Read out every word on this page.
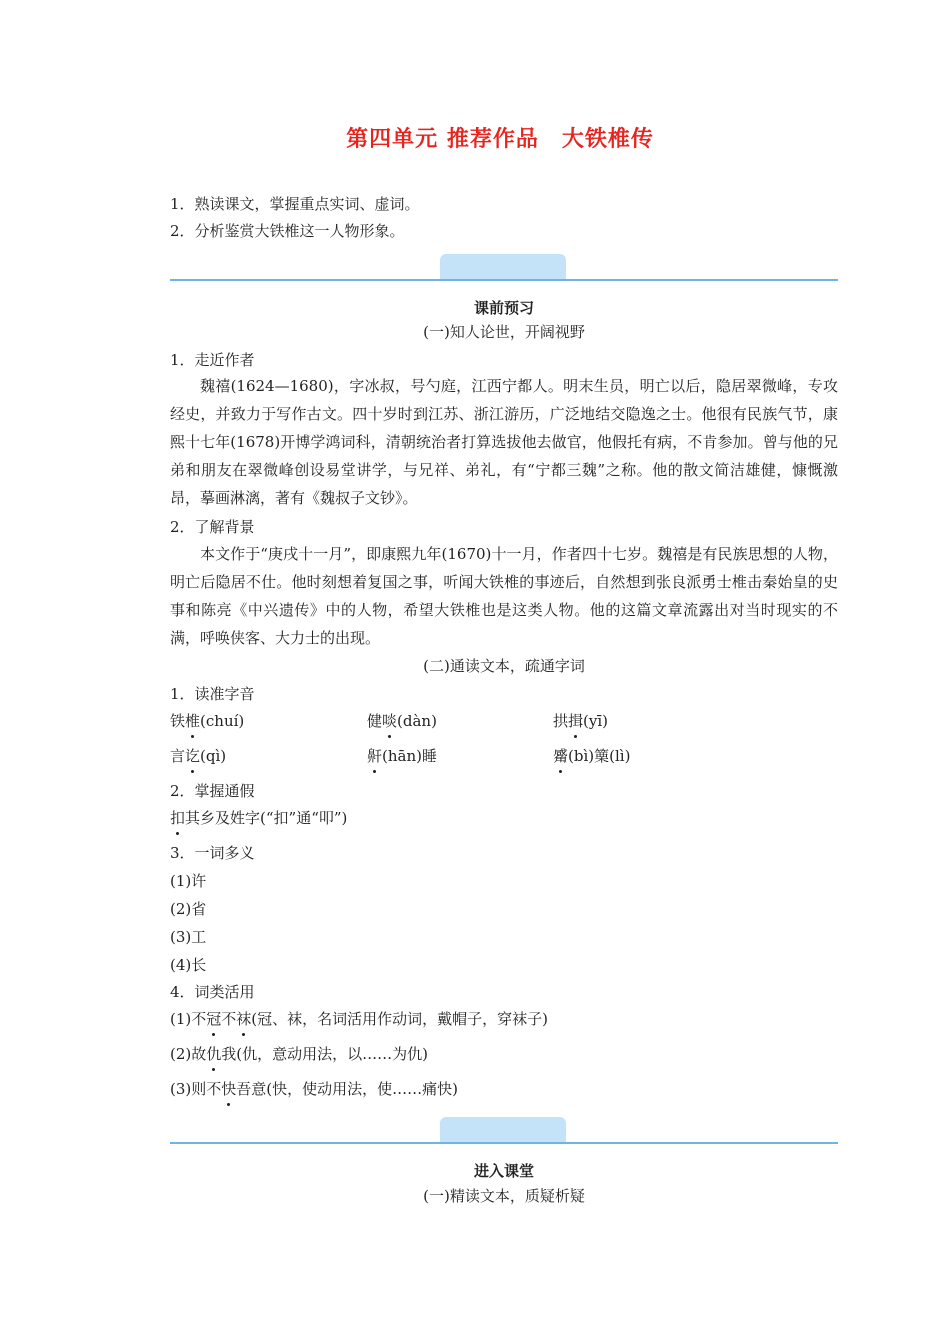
第四单元 推荐作品　大铁椎传
1．熟读课文，掌握重点实词、虚词。
2．分析鉴赏大铁椎这一人物形象。
课前预习
(一)知人论世，开阔视野
1．走近作者
魏禧(1624—1680)，字冰叔，号勺庭，江西宁都人。明末生员，明亡以后，隐居翠微峰，专攻经史，并致力于写作古文。四十岁时到江苏、浙江游历，广泛地结交隐逸之士。他很有民族气节，康熙十七年(1678)开博学鸿词科，清朝统治者打算选拔他去做官，他假托有病，不肯参加。曾与他的兄弟和朋友在翠微峰创设易堂讲学，与兄祥、弟礼，有“宁都三魏”之称。他的散文简洁雄健，慷慨激昂，摹画淋漓，著有《魏叔子文钞》。
2．了解背景
本文作于“庚戌十一月”，即康熙九年(1670)十一月，作者四十七岁。魏禧是有民族思想的人物，明亡后隐居不仕。他时刻想着复国之事，听闻大铁椎的事迹后，自然想到张良派勇士椎击秦始皇的史事和陈亮《中兴遗传》中的人物，希望大铁椎也是这类人物。他的这篇文章流露出对当时现实的不满，呼唤侠客、大力士的出现。
(二)通读文本，疏通字词
1．读准字音
铁椎(chuí)	健啖(dàn)	拱揖(yī)
言讫(qì)	鼾(hān)睡	觱(bì)篥(lì)
2．掌握通假
扣其乡及姓字(“扣”通“叩”)
3．一词多义
(1)许
(2)省
(3)工
(4)长
4．词类活用
(1)不冠不袜(冠、袜，名词活用作动词，戴帽子，穿袜子)
(2)故仇我(仇，意动用法，以……为仇)
(3)则不快吾意(快，使动用法，使……痛快)
进入课堂
(一)精读文本，质疑析疑
